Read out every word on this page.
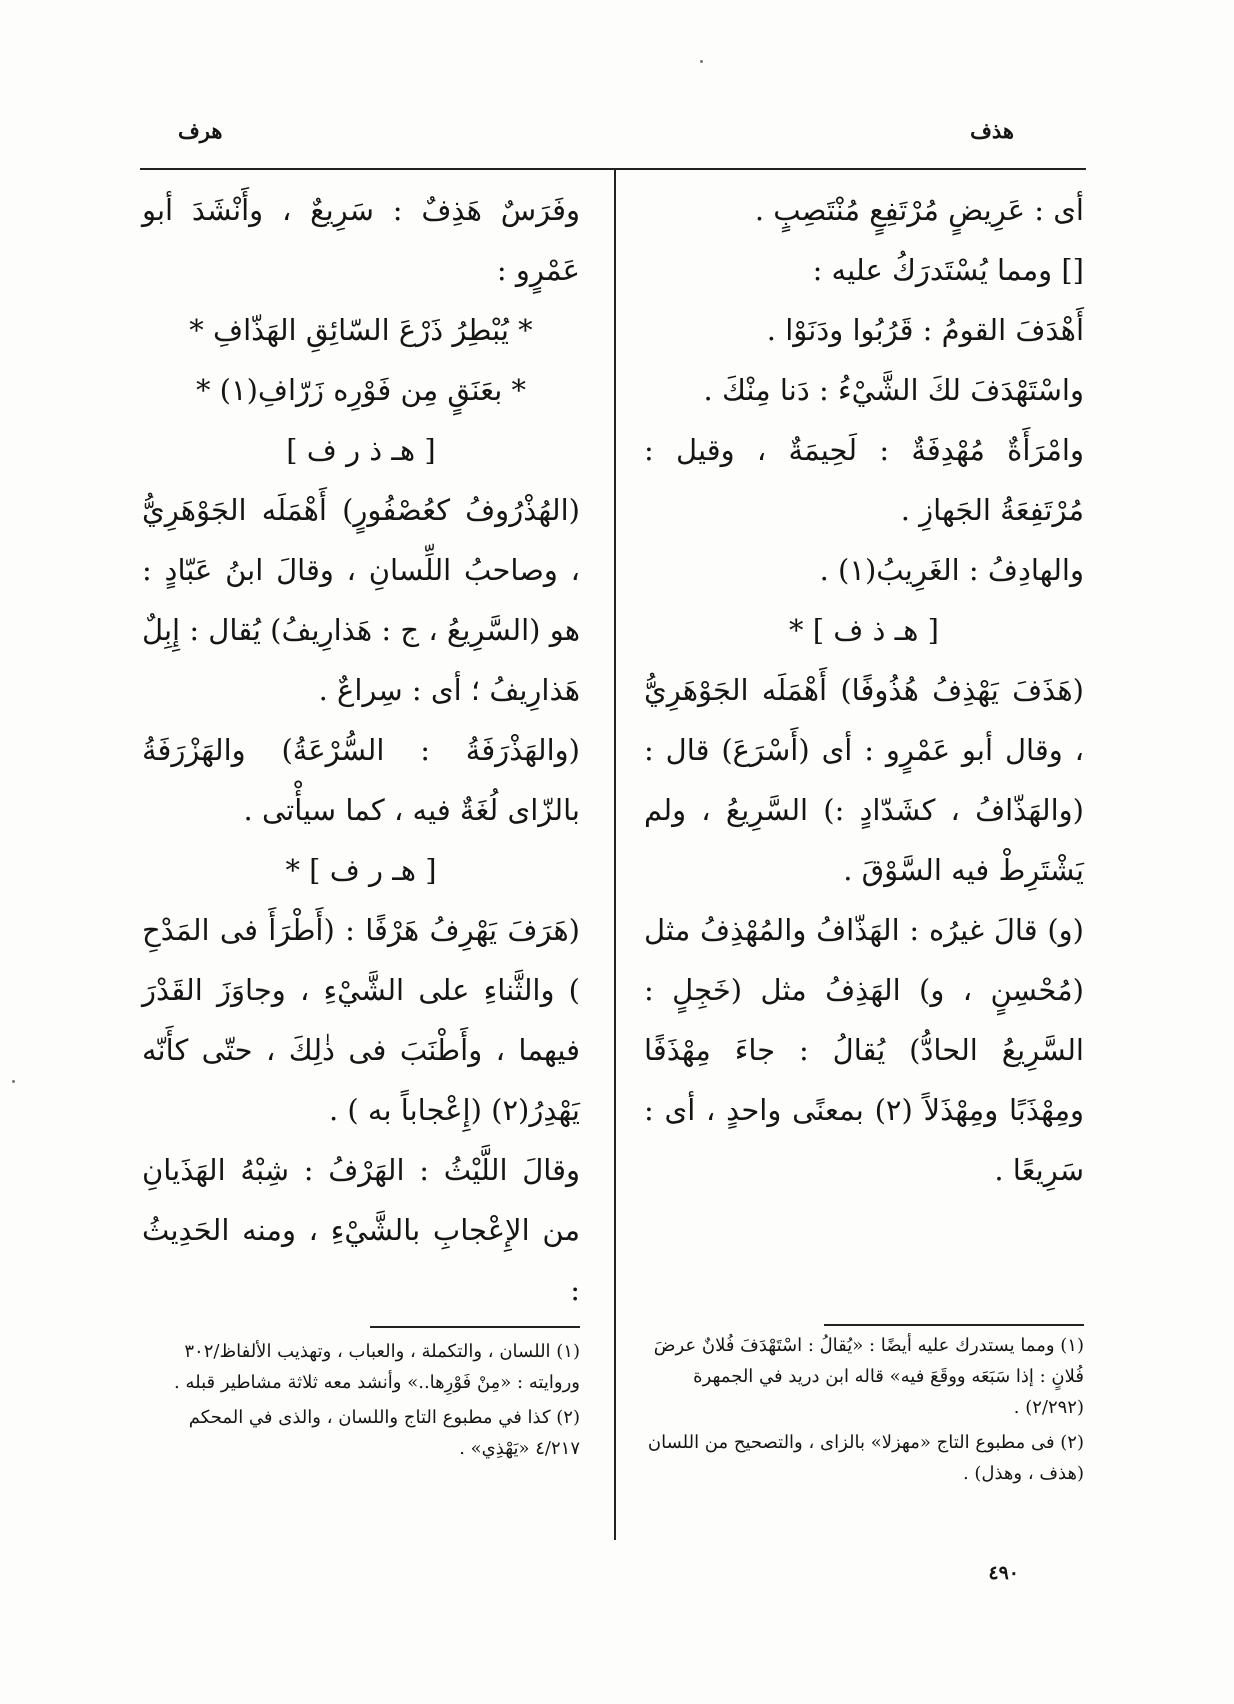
هذف
هرف

أى : عَرِيضٍ مُرْتَفِعٍ مُنْتَصِبٍ .

[] ومما يُسْتَدرَكُ عليه :

أَهْدَفَ القومُ : قَرُبُوا ودَنَوْا .

واسْتَهْدَفَ لكَ الشَّيْءُ : دَنا مِنْكَ .

وامْرَأَةٌ مُهْدِفَةٌ : لَحِيمَةٌ ، وقيل : مُرْتَفِعَةُ الجَهازِ .

والهادِفُ : الغَرِيبُ(١) .

[ هـ ذ ف ] *

(هَذَفَ يَهْذِفُ هُذُوفًا) أَهْمَلَه الجَوْهَرِيُّ ، وقال أبو عَمْرٍو : أى (أَسْرَعَ) قال : (والهَذّافُ ، كشَدّادٍ :) السَّرِيعُ ، ولم يَشْتَرِطْ فيه السَّوْقَ .

(و) قالَ غيرُه : الهَذّافُ والمُهْذِفُ مثل (مُحْسِنٍ ، و) الهَذِفُ مثل (خَجِلٍ : السَّرِيعُ الحادُّ) يُقالُ : جاءَ مِهْذَفًا ومِهْذَبًا ومِهْذَلاً (٢) بمعنًى واحدٍ ، أى : سَرِيعًا .

وفَرَسٌ هَذِفٌ : سَرِيعٌ ، وأَنْشَدَ أبو عَمْرٍو :

* يُبْطِرُ ذَرْعَ السّائِقِ الهَذّافِ *

* بعَنَقٍ مِن فَوْرِه زَرّافِ(١) *

[ هـ ذ ر ف ]

(الهُذْرُوفُ كعُصْفُورٍ) أَهْمَلَه الجَوْهَرِيُّ ، وصاحبُ اللِّسانِ ، وقالَ ابنُ عَبّادٍ : هو (السَّرِيعُ ، ج : هَذارِيفُ) يُقال : إِبِلٌ هَذارِيفُ ؛ أى : سِراعٌ .

(والهَذْرَفَةُ : السُّرْعَةُ) والهَزْرَفَةُ بالزّاى لُغَةٌ فيه ، كما سيأْتى .

[ هـ ر ف ] *

(هَرَفَ يَهْرِفُ هَرْفًا : (أَطْرَأَ فى المَدْحِ ) والثَّناءِ على الشَّيْءِ ، وجاوَزَ القَدْرَ فيهما ، وأَطْنَبَ فى ذٰلِكَ ، حتّى كأَنّه يَهْدِرُ(٢) (إِعْجاباً به ) .

وقالَ اللَّيْثُ : الهَرْفُ : شِبْهُ الهَذَيانِ من الإِعْجابِ بالشَّيْءِ ، ومنه الحَدِيثُ :

(١) ومما يستدرك عليه أيضًا : «يُقالُ : اسْتَهْدَفَ فُلانٌ عرضَ فُلانٍ : إذا سَبَعَه ووقَعَ فيه» قاله ابن دريد في الجمهرة (٢/٢٩٢) .

(٢) فى مطبوع التاج «مهزلا» بالزاى ، والتصحيح من اللسان (هذف ، وهذل) .

(١) اللسان ، والتكملة ، والعباب ، وتهذيب الألفاظ/٣٠٢ وروايته : «مِنْ فَوْرِها..» وأنشد معه ثلاثة مشاطير قبله .

(٢) كذا في مطبوع التاج واللسان ، والذى في المحكم ٤/٢١٧ «يَهْذِي» .

٤٩٠
